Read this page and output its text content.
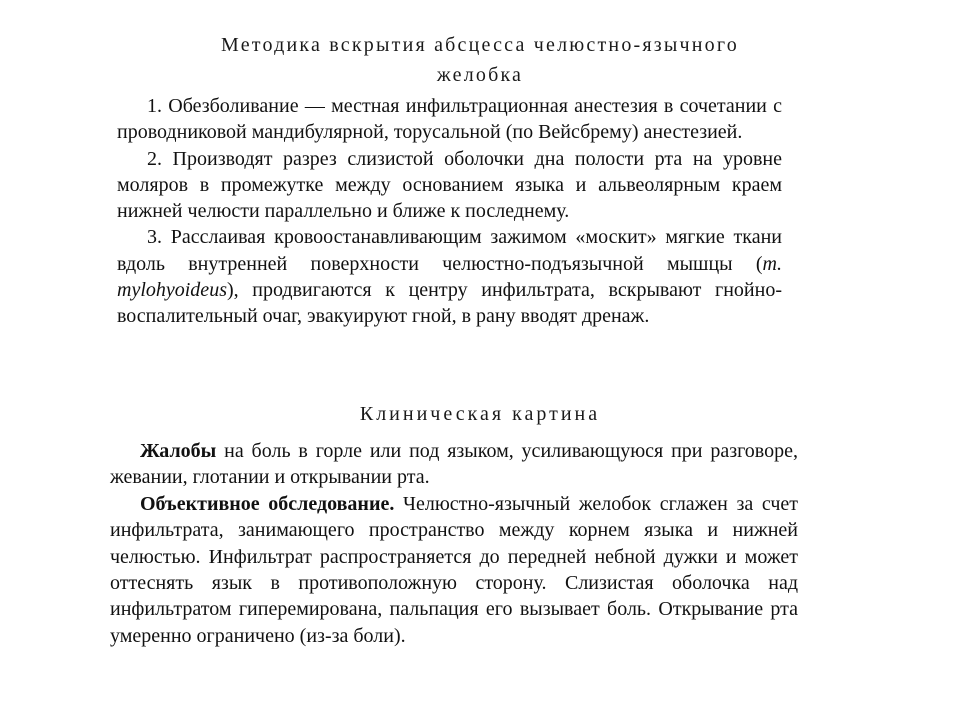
Методика вскрытия абсцесса челюстно-язычного
желобка

1. Обезболивание — местная инфильтрационная анестезия в сочетании с проводниковой мандибулярной, торусальной (по Вейсбрему) анестезией.

2. Производят разрез слизистой оболочки дна полости рта на уровне моляров в промежутке между основанием языка и альвеолярным краем нижней челюсти параллельно и ближе к последнему.

3. Расслаивая кровоостанавливающим зажимом «москит» мягкие ткани вдоль внутренней поверхности челюстно-подъязычной мышцы (m. mylohyoideus), продвигаются к центру инфильтрата, вскрывают гнойно-воспалительный очаг, эвакуируют гной, в рану вводят дренаж.

Клиническая картина

Жалобы на боль в горле или под языком, усиливающуюся при разговоре, жевании, глотании и открывании рта.

Объективное обследование. Челюстно-язычный желобок сглажен за счет инфильтрата, занимающего пространство между корнем языка и нижней челюстью. Инфильтрат распространяется до передней небной дужки и может оттеснять язык в противоположную сторону. Слизистая оболочка над инфильтратом гиперемирована, пальпация его вызывает боль. Открывание рта умеренно ограничено (из-за боли).
